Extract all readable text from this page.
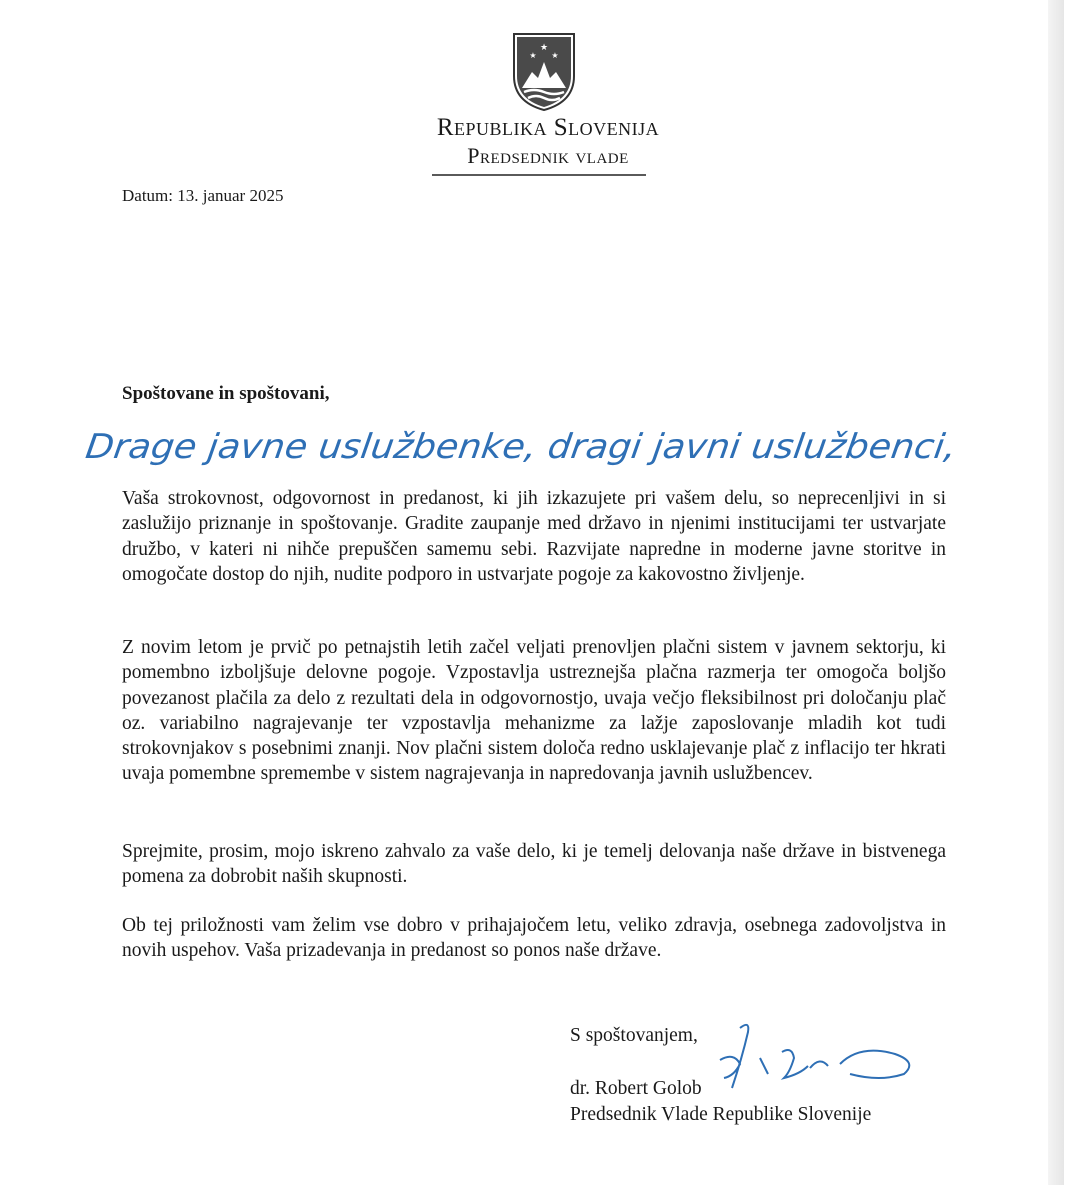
★
★ ★
Republika Slovenija
Predsednik vlade
Datum: 13. januar 2025
Spoštovane in spoštovani,
Drage javne uslužbenke, dragi javni uslužbenci,

Vaša strokovnost, odgovornost in predanost, ki jih izkazujete pri vašem delu, so neprecenljivi in si zaslužijo priznanje in spoštovanje. Gradite zaupanje med državo in njenimi institucijami ter ustvarjate družbo, v kateri ni nihče prepuščen samemu sebi. Razvijate napredne in moderne javne storitve in omogočate dostop do njih, nudite podporo in ustvarjate pogoje za kakovostno življenje.

Z novim letom je prvič po petnajstih letih začel veljati prenovljen plačni sistem v javnem sektorju, ki pomembno izboljšuje delovne pogoje. Vzpostavlja ustreznejša plačna razmerja ter omogoča boljšo povezanost plačila za delo z rezultati dela in odgovornostjo, uvaja večjo fleksibilnost pri določanju plač oz. variabilno nagrajevanje ter vzpostavlja mehanizme za lažje zaposlovanje mladih kot tudi strokovnjakov s posebnimi znanji. Nov plačni sistem določa redno usklajevanje plač z inflacijo ter hkrati uvaja pomembne spremembe v sistem nagrajevanja in napredovanja javnih uslužbencev.

Sprejmite, prosim, mojo iskreno zahvalo za vaše delo, ki je temelj delovanja naše države in bistvenega pomena za dobrobit naših skupnosti.

Ob tej priložnosti vam želim vse dobro v prihajajočem letu, veliko zdravja, osebnega zadovoljstva in novih uspehov. Vaša prizadevanja in predanost so ponos naše države.

S spoštovanjem,
dr. Robert Golob
Predsednik Vlade Republike Slovenije
